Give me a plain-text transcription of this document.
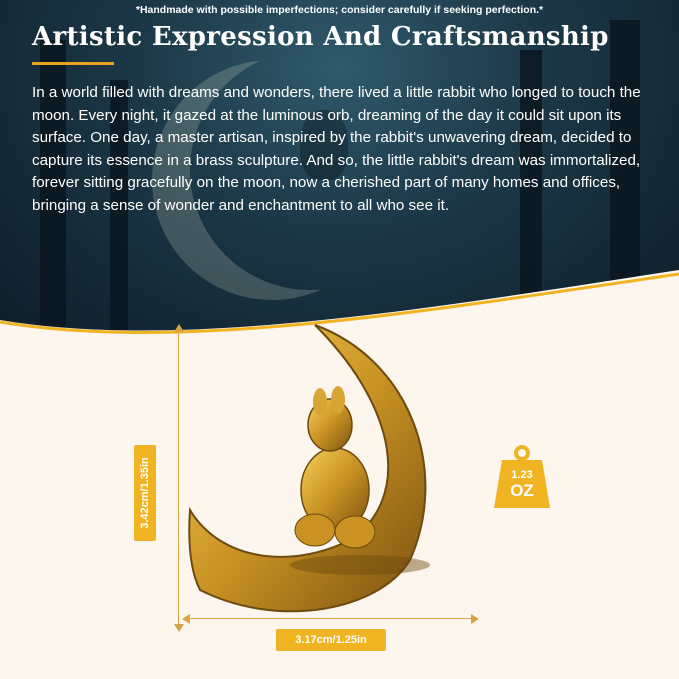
*Handmade with possible imperfections; consider carefully if seeking perfection.*
Artistic Expression And Craftsmanship
In a world filled with dreams and wonders, there lived a little rabbit who longed to touch the moon. Every night, it gazed at the luminous orb, dreaming of the day it could sit upon its surface. One day, a master artisan, inspired by the rabbit's unwavering dream, decided to capture its essence in a brass sculpture. And so, the little rabbit's dream was immortalized, forever sitting gracefully on the moon, now a cherished part of many homes and offices, bringing a sense of wonder and enchantment to all who see it.
3.42cm/1.35in
3.17cm/1.25in
1.23
OZ
